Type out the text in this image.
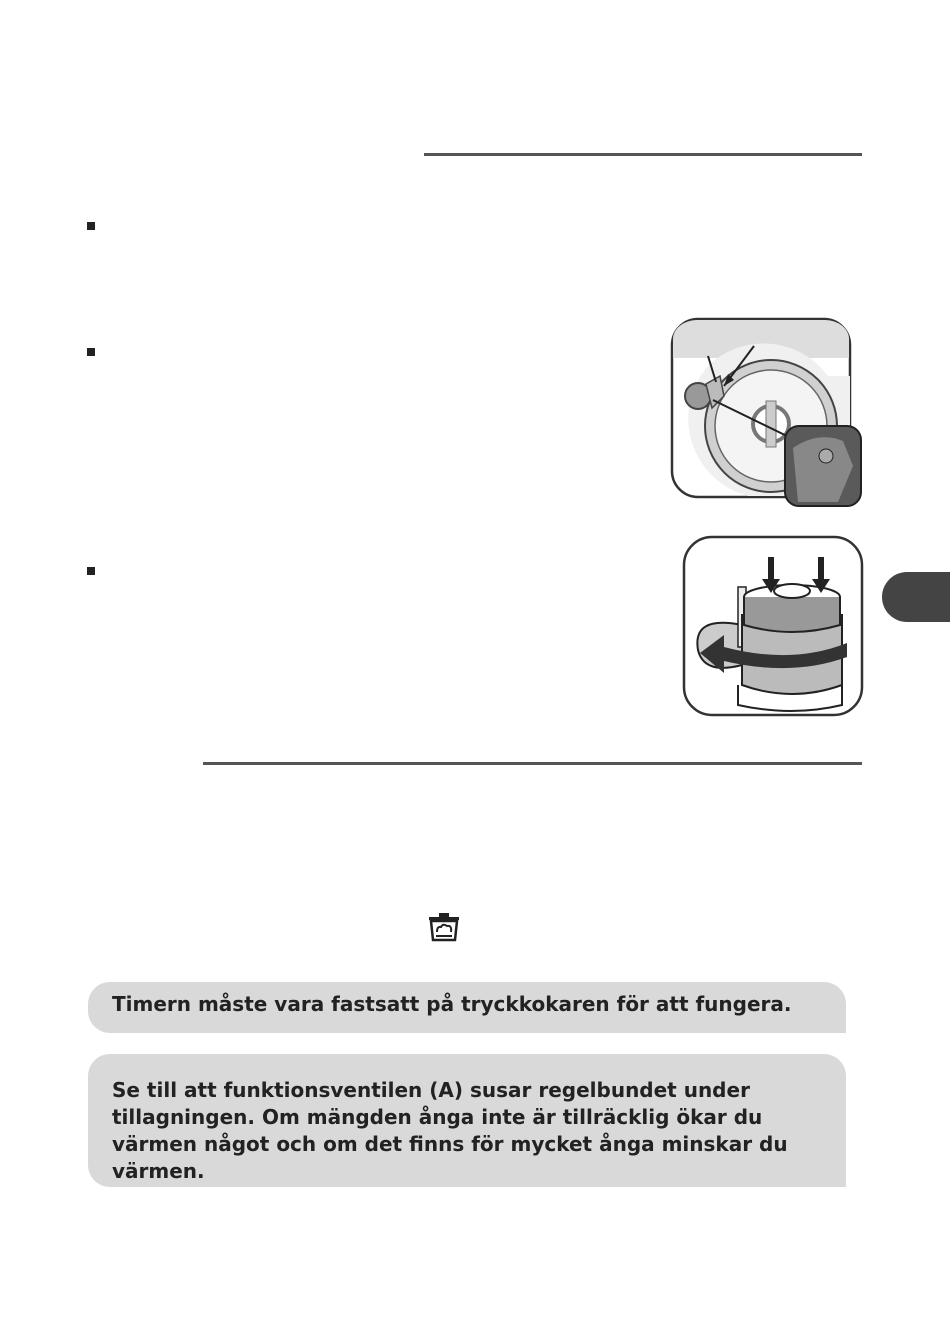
Timern måste vara fastsatt på tryckkokaren för att fungera.
Se till att funktionsventilen (A) susar regelbundet under tillagningen. Om mängden ånga inte är tillräcklig ökar du värmen något och om det finns för mycket ånga minskar du värmen.
